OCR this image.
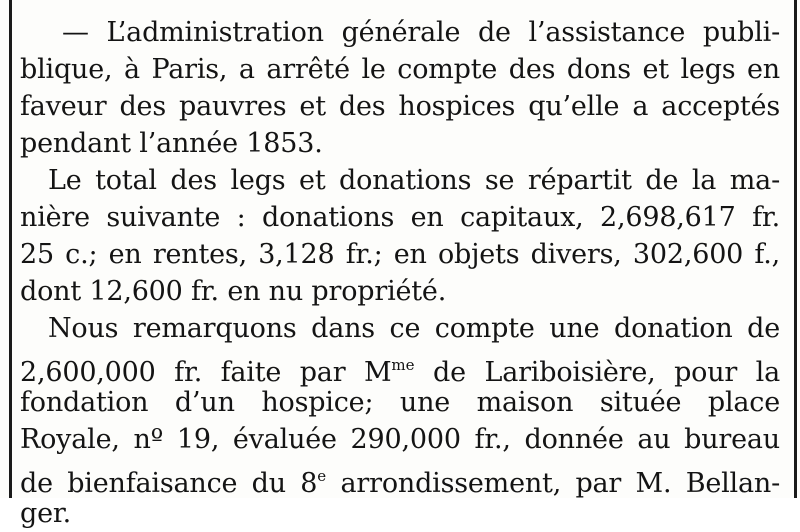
— L’administration générale de l’assistance publi-
blique, à Paris, a arrêté le compte des dons et legs en
faveur des pauvres et des hospices qu’elle a acceptés
pendant l’année 1853.
Le total des legs et donations se répartit de la ma-
nière suivante : donations en capitaux, 2,698,617 fr.
25 c.; en rentes, 3,128 fr.; en objets divers, 302,600 f.,
dont 12,600 fr. en nu propriété.
Nous remarquons dans ce compte une donation de
2,600,000 fr. faite par $M^{me}$ de Lariboisière, pour la
fondation d’un hospice; une maison située place
Royale, nº 19, évaluée 290,000 fr., donnée au bureau
de bienfaisance du 8e arrondissement, par M. Bellan-
ger.
